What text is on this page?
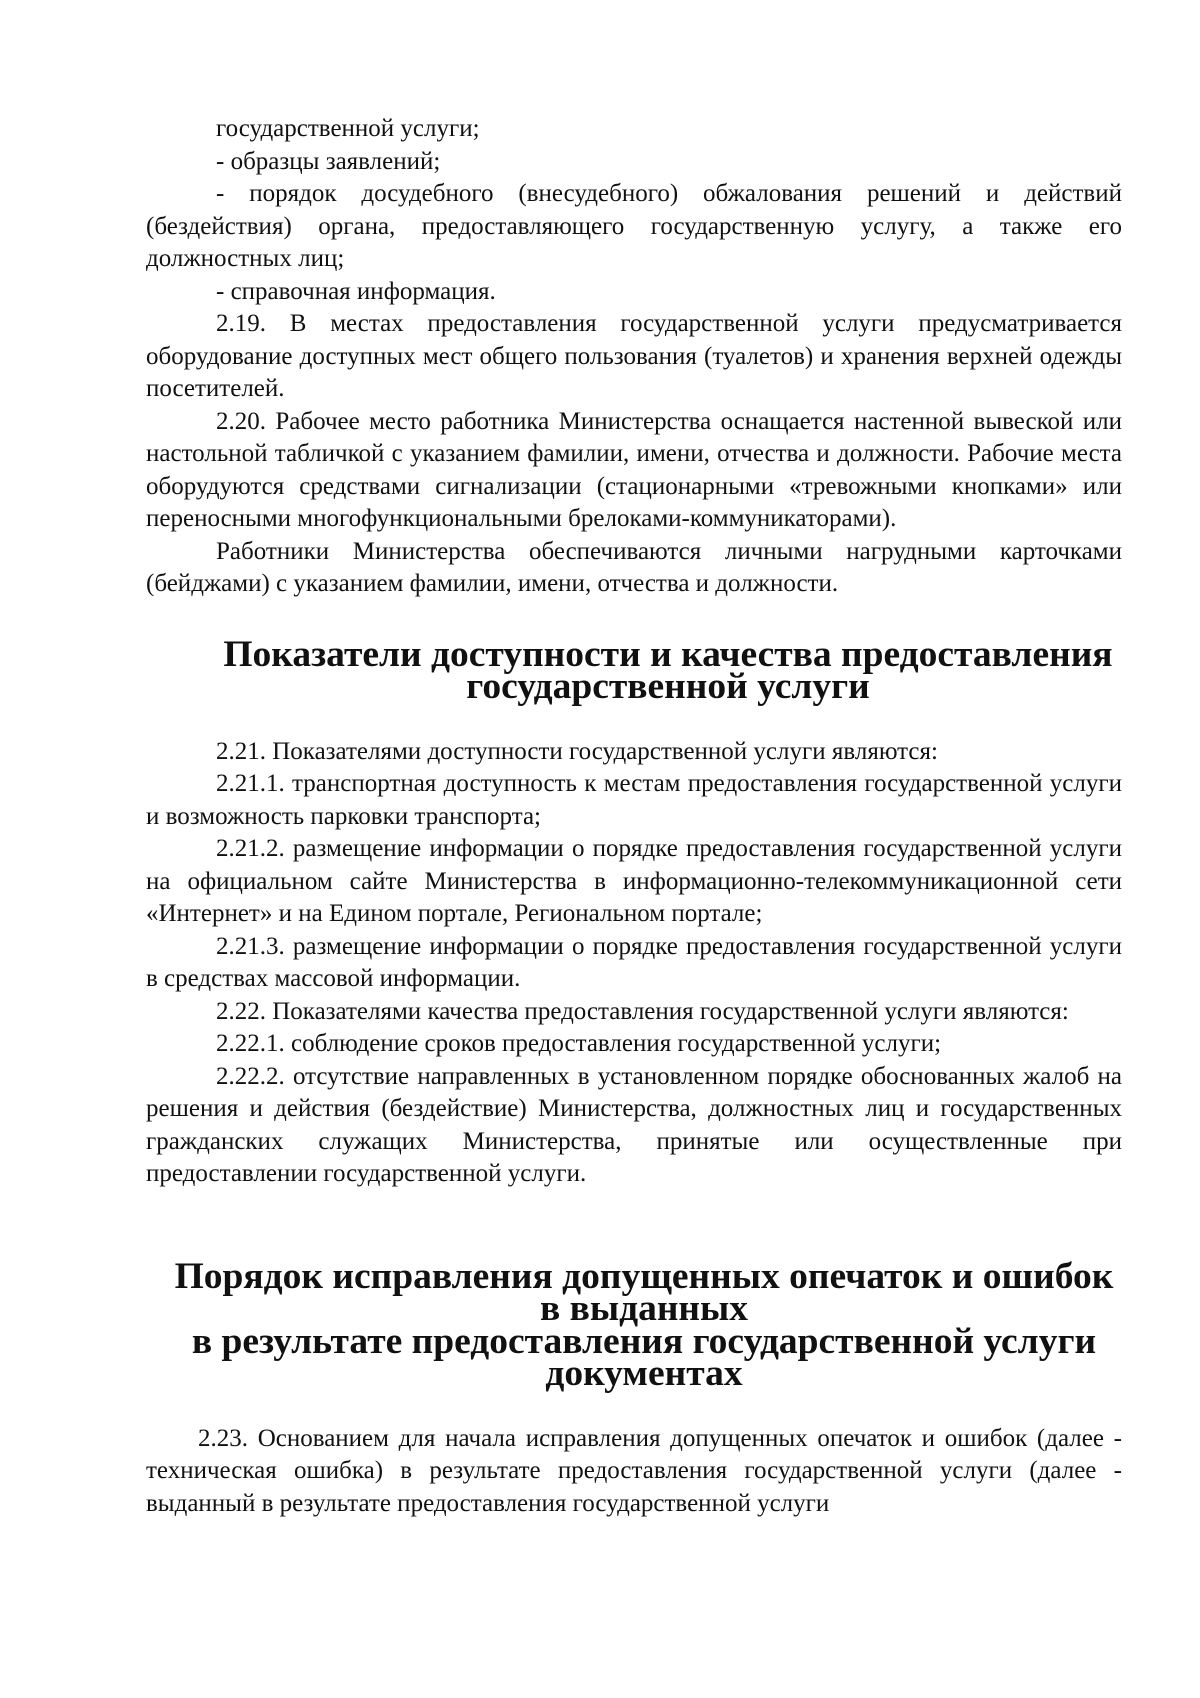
государственной услуги;

- образцы заявлений;

- порядок досудебного (внесудебного) обжалования решений и действий (бездействия) органа, предоставляющего государственную услугу, а также его должностных лиц;

- справочная информация.

2.19. В местах предоставления государственной услуги предусматривается оборудование доступных мест общего пользования (туалетов) и хранения верхней одежды посетителей.

2.20. Рабочее место работника Министерства оснащается настенной вывеской или настольной табличкой с указанием фамилии, имени, отчества и должности. Рабочие места оборудуются средствами сигнализации (стационарными «тревожными кнопками» или переносными многофункциональными брелоками-коммуникаторами).

Работники Министерства обеспечиваются личными нагрудными карточками (бейджами) с указанием фамилии, имени, отчества и должности.

Показатели доступности и качества предоставления
государственной услуги

2.21. Показателями доступности государственной услуги являются:

2.21.1. транспортная доступность к местам предоставления государственной услуги и возможность парковки транспорта;

2.21.2. размещение информации о порядке предоставления государственной услуги на официальном сайте Министерства в информационно-телекоммуникационной сети «Интернет» и на Едином портале, Региональном портале;

2.21.3. размещение информации о порядке предоставления государственной услуги в средствах массовой информации.

2.22. Показателями качества предоставления государственной услуги являются:

2.22.1. соблюдение сроков предоставления государственной услуги;

2.22.2. отсутствие направленных в установленном порядке обоснованных жалоб на решения и действия (бездействие) Министерства, должностных лиц и государственных гражданских служащих Министерства, принятые или осуществленные при предоставлении государственной услуги.

Порядок исправления допущенных опечаток и ошибок в выданных
в результате предоставления государственной услуги
документах

2.23. Основанием для начала исправления допущенных опечаток и ошибок (далее - техническая ошибка) в результате предоставления государственной услуги (далее - выданный в результате предоставления государственной услуги
